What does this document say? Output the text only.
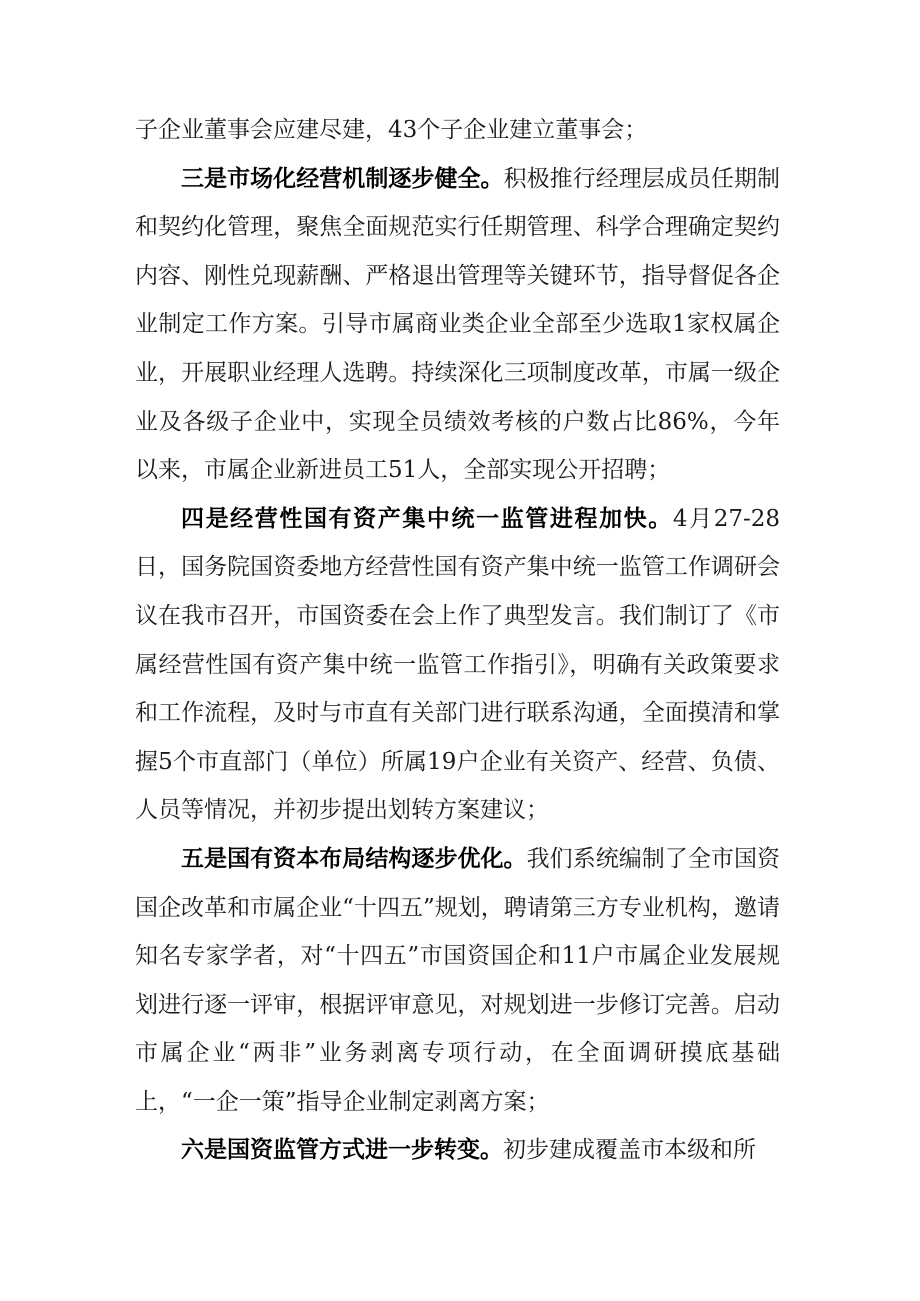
子企业董事会应建尽建，43个子企业建立董事会；

三是市场化经营机制逐步健全。积极推行经理层成员任期制和契约化管理，聚焦全面规范实行任期管理、科学合理确定契约内容、刚性兑现薪酬、严格退出管理等关键环节，指导督促各企业制定工作方案。引导市属商业类企业全部至少选取1家权属企业，开展职业经理人选聘。持续深化三项制度改革，市属一级企业及各级子企业中，实现全员绩效考核的户数占比86%，今年以来，市属企业新进员工51人，全部实现公开招聘；

四是经营性国有资产集中统一监管进程加快。4月27-28日，国务院国资委地方经营性国有资产集中统一监管工作调研会议在我市召开，市国资委在会上作了典型发言。我们制订了《市属经营性国有资产集中统一监管工作指引》，明确有关政策要求和工作流程，及时与市直有关部门进行联系沟通，全面摸清和掌握5个市直部门（单位）所属19户企业有关资产、经营、负债、人员等情况，并初步提出划转方案建议；

五是国有资本布局结构逐步优化。我们系统编制了全市国资国企改革和市属企业“十四五”规划，聘请第三方专业机构，邀请知名专家学者，对“十四五”市国资国企和11户市属企业发展规划进行逐一评审，根据评审意见，对规划进一步修订完善。启动市属企业“两非”业务剥离专项行动，在全面调研摸底基础上，“一企一策”指导企业制定剥离方案；

六是国资监管方式进一步转变。初步建成覆盖市本级和所
